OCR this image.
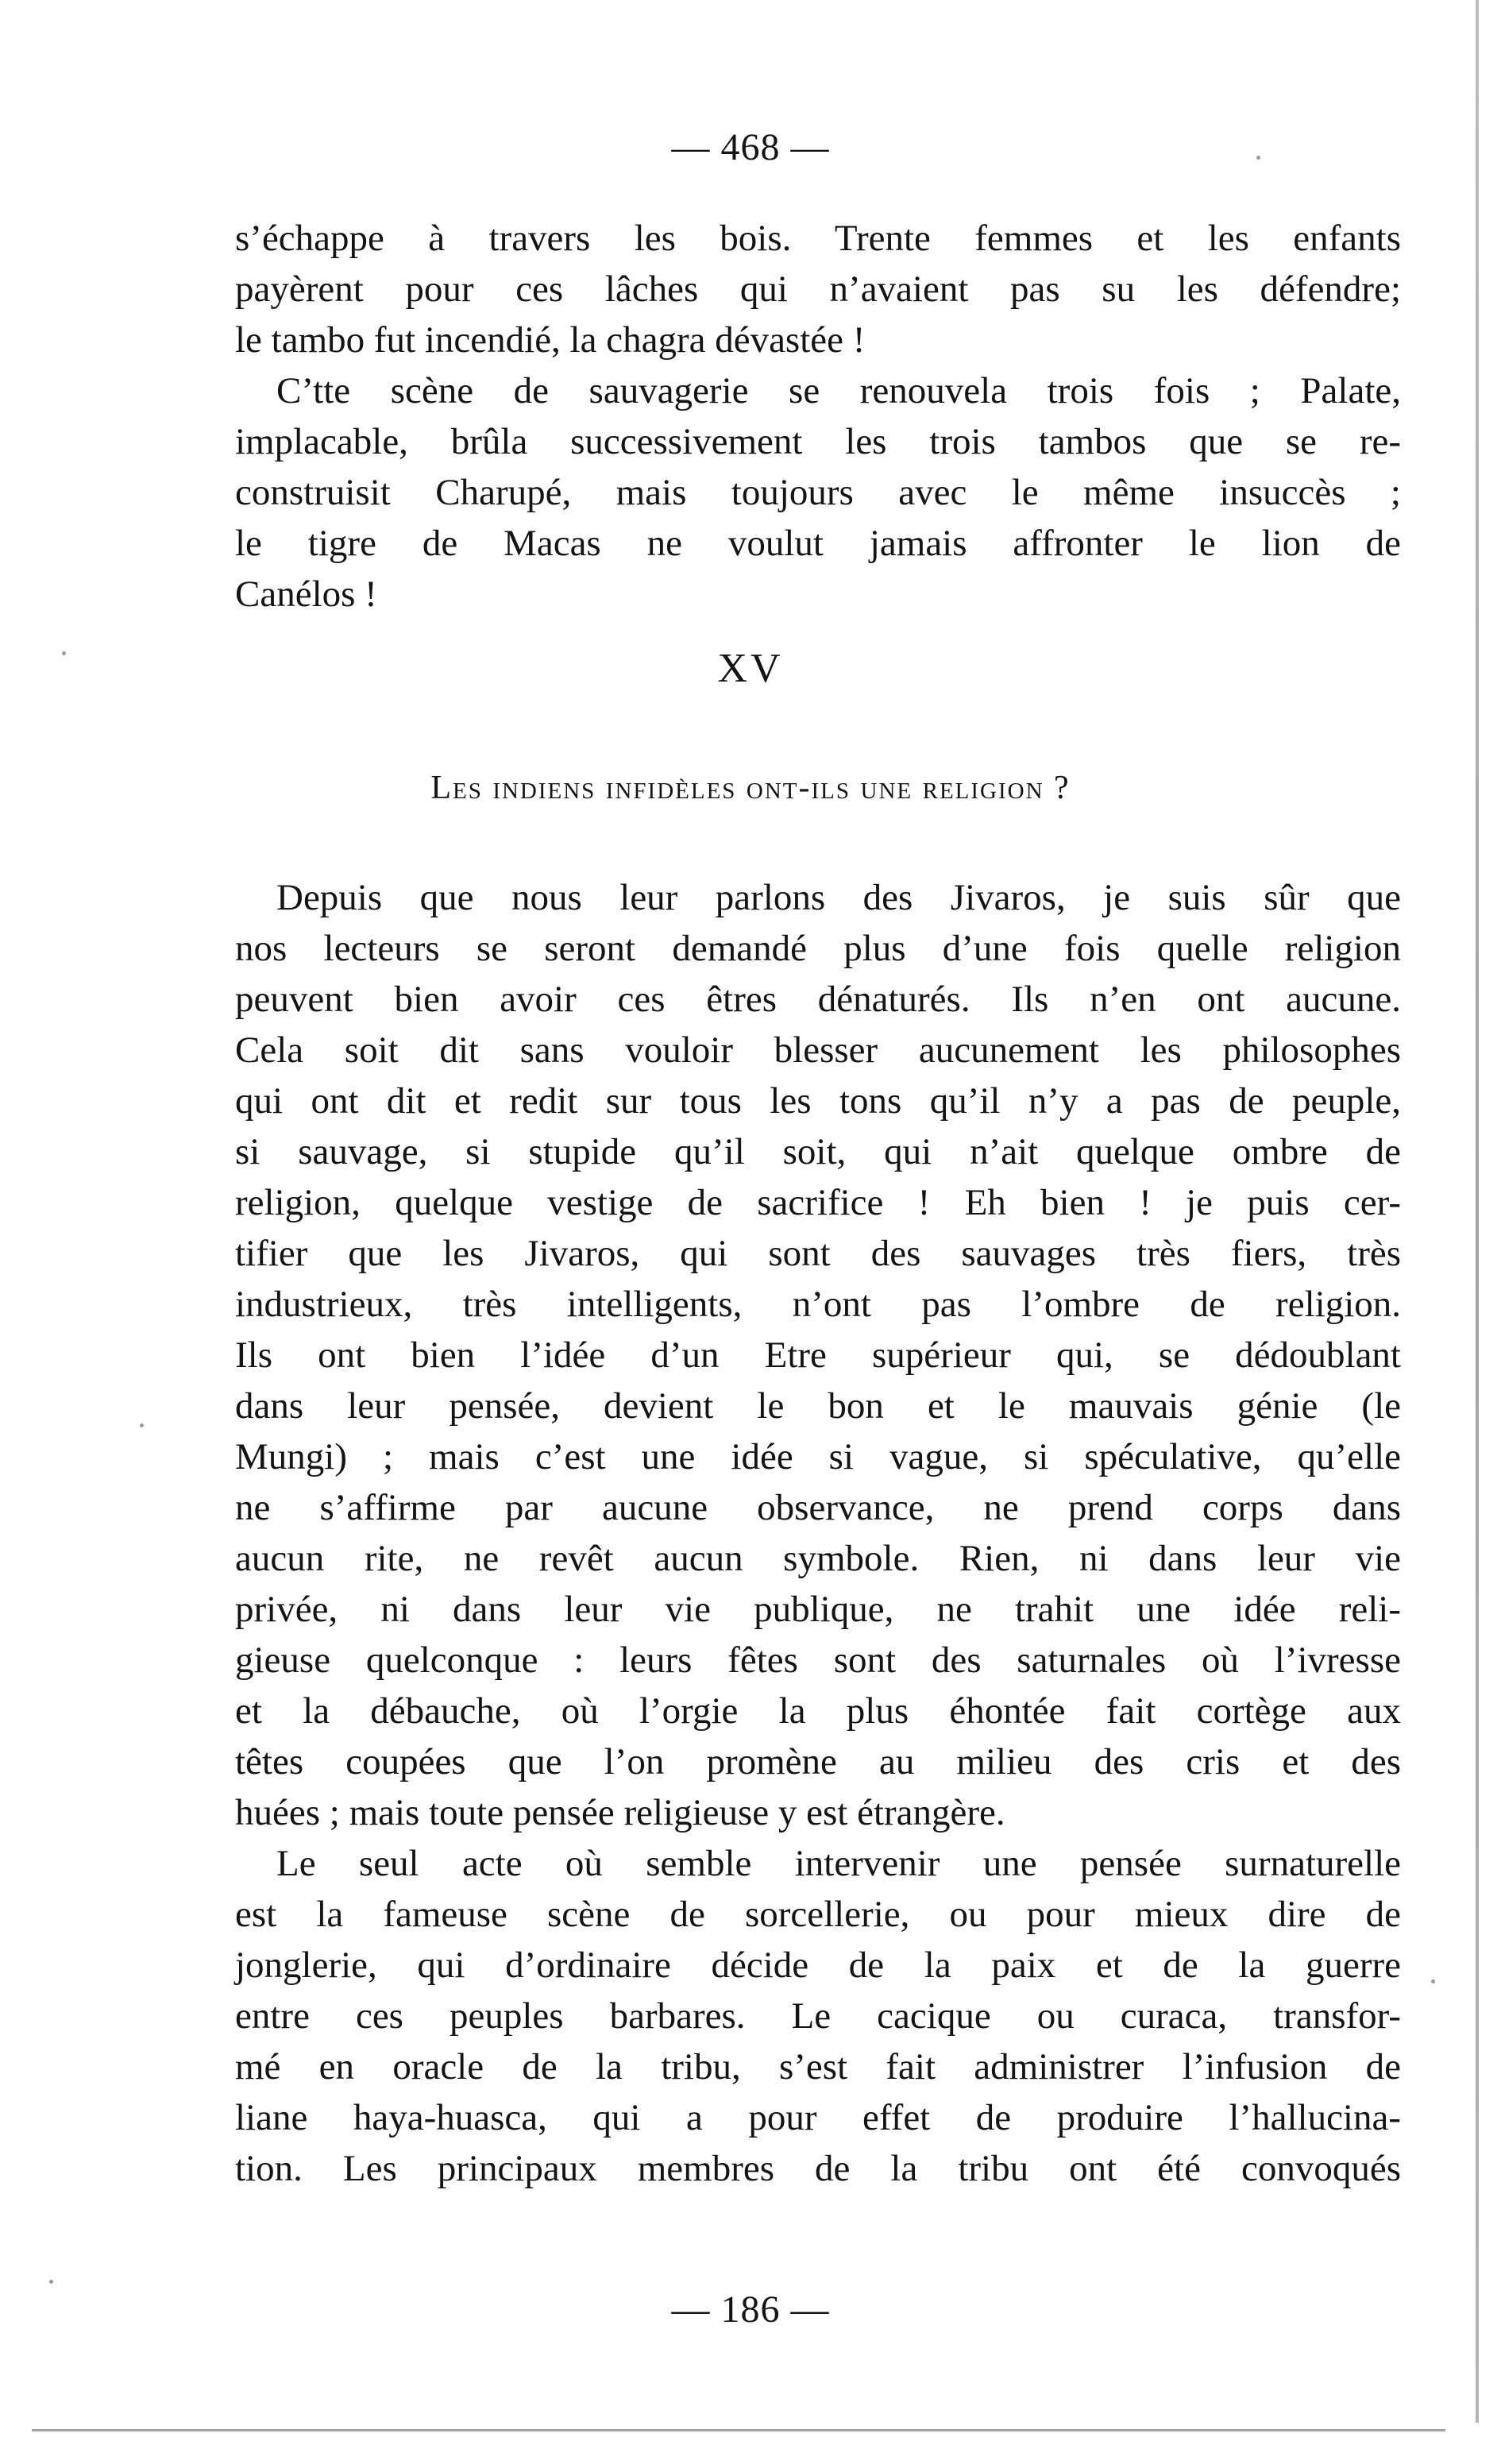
— 468 —
s’échappe à travers les bois. Trente femmes et les enfants
payèrent pour ces lâches qui n’avaient pas su les défendre;
le tambo fut incendié, la chagra dévastée !
C’tte scène de sauvagerie se renouvela trois fois ; Palate,
implacable, brûla successivement les trois tambos que se re-
construisit Charupé, mais toujours avec le même insuccès ;
le tigre de Macas ne voulut jamais affronter le lion de
Canélos !
XV
Les indiens infidèles ont-ils une religion ?
Depuis que nous leur parlons des Jivaros, je suis sûr que
nos lecteurs se seront demandé plus d’une fois quelle religion
peuvent bien avoir ces êtres dénaturés. Ils n’en ont aucune.
Cela soit dit sans vouloir blesser aucunement les philosophes
qui ont dit et redit sur tous les tons qu’il n’y a pas de peuple,
si sauvage, si stupide qu’il soit, qui n’ait quelque ombre de
religion, quelque vestige de sacrifice ! Eh bien ! je puis cer-
tifier que les Jivaros, qui sont des sauvages très fiers, très
industrieux, très intelligents, n’ont pas l’ombre de religion.
Ils ont bien l’idée d’un Etre supérieur qui, se dédoublant
dans leur pensée, devient le bon et le mauvais génie (le
Mungi) ; mais c’est une idée si vague, si spéculative, qu’elle
ne s’affirme par aucune observance, ne prend corps dans
aucun rite, ne revêt aucun symbole. Rien, ni dans leur vie
privée, ni dans leur vie publique, ne trahit une idée reli-
gieuse quelconque : leurs fêtes sont des saturnales où l’ivresse
et la débauche, où l’orgie la plus éhontée fait cortège aux
têtes coupées que l’on promène au milieu des cris et des
huées ; mais toute pensée religieuse y est étrangère.
Le seul acte où semble intervenir une pensée surnaturelle
est la fameuse scène de sorcellerie, ou pour mieux dire de
jonglerie, qui d’ordinaire décide de la paix et de la guerre
entre ces peuples barbares. Le cacique ou curaca, transfor-
mé en oracle de la tribu, s’est fait administrer l’infusion de
liane haya-huasca, qui a pour effet de produire l’hallucina-
tion. Les principaux membres de la tribu ont été convoqués
— 186 —
